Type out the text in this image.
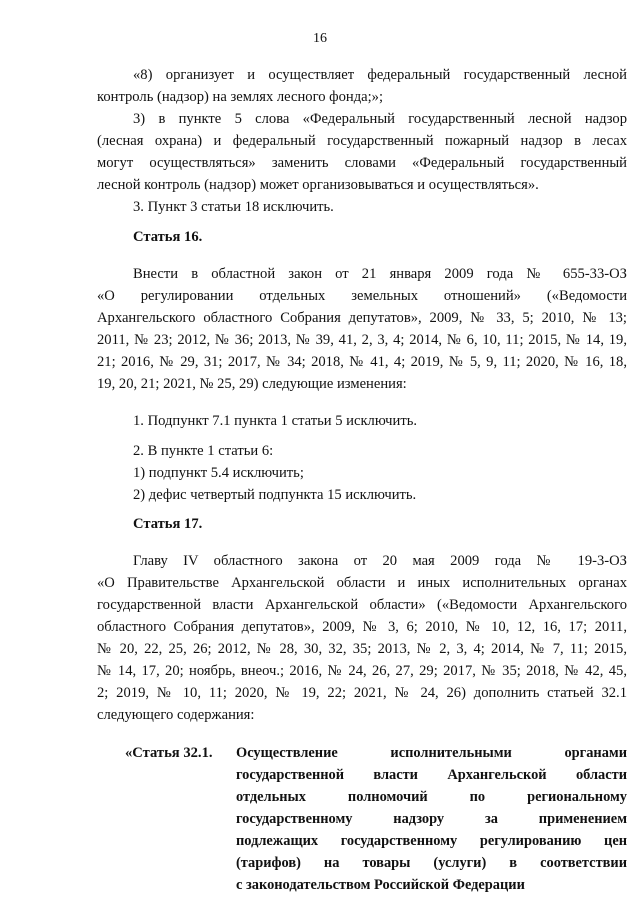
16
«8) организует и осуществляет федеральный государственный лесной
контроль (надзор) на землях лесного фонда;»;
3) в пункте 5 слова «Федеральный государственный лесной надзор
(лесная охрана) и федеральный государственный пожарный надзор в лесах
могут осуществляться» заменить словами «Федеральный государственный
лесной контроль (надзор) может организовываться и осуществляться».
3. Пункт 3 статьи 18 исключить.
Статья 16.
Внести в областной закон от 21 января 2009 года № 655-33-ОЗ
«О регулировании отдельных земельных отношений» («Ведомости
Архангельского областного Собрания депутатов», 2009, № 33, 5; 2010, № 13;
2011, № 23; 2012, № 36; 2013, № 39, 41, 2, 3, 4; 2014, № 6, 10, 11; 2015, № 14, 19,
21; 2016, № 29, 31; 2017, № 34; 2018, № 41, 4; 2019, № 5, 9, 11; 2020, № 16, 18,
19, 20, 21; 2021, № 25, 29) следующие изменения:
1. Подпункт 7.1 пункта 1 статьи 5 исключить.
2. В пункте 1 статьи 6:
1) подпункт 5.4 исключить;
2) дефис четвертый подпункта 15 исключить.
Статья 17.
Главу IV областного закона от 20 мая 2009 года № 19-3-ОЗ
«О Правительстве Архангельской области и иных исполнительных органах
государственной власти Архангельской области» («Ведомости Архангельского
областного Собрания депутатов», 2009, № 3, 6; 2010, № 10, 12, 16, 17; 2011,
№ 20, 22, 25, 26; 2012, № 28, 30, 32, 35; 2013, № 2, 3, 4; 2014, № 7, 11; 2015,
№ 14, 17, 20; ноябрь, внеоч.; 2016, № 24, 26, 27, 29; 2017, № 35; 2018, № 42, 45,
2; 2019, № 10, 11; 2020, № 19, 22; 2021, № 24, 26) дополнить статьей 32.1
следующего содержания:
«Статья 32.1. Осуществление исполнительными органами
государственной власти Архангельской области
отдельных полномочий по региональному
государственному надзору за применением
подлежащих государственному регулированию цен
(тарифов) на товары (услуги) в соответствии
с законодательством Российской Федерации
